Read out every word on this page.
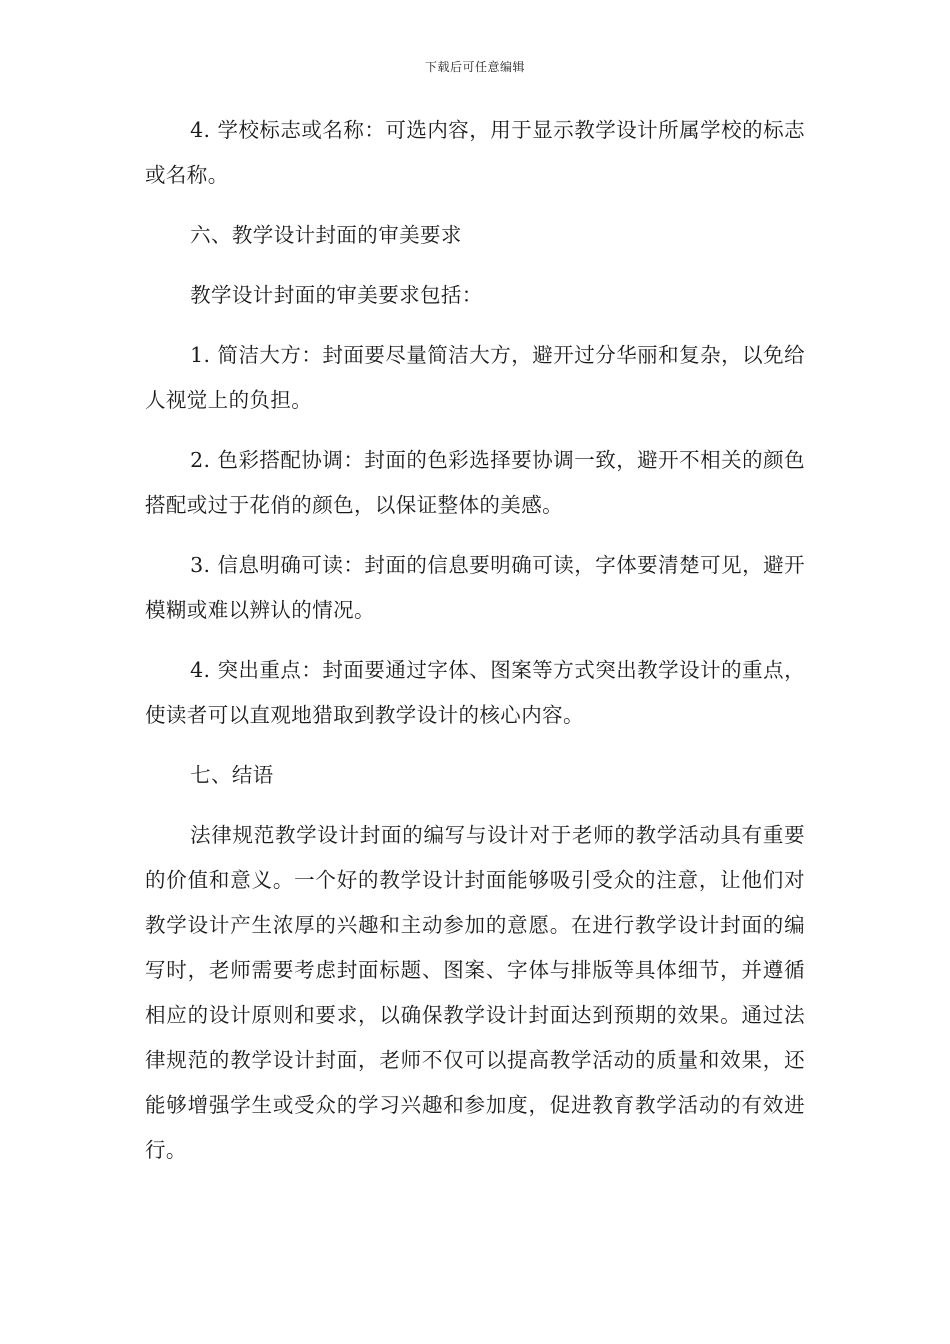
下载后可任意编辑

4. 学校标志或名称：可选内容，用于显示教学设计所属学校的标志或名称。

六、教学设计封面的审美要求

教学设计封面的审美要求包括：

1. 简洁大方：封面要尽量简洁大方，避开过分华丽和复杂，以免给人视觉上的负担。

2. 色彩搭配协调：封面的色彩选择要协调一致，避开不相关的颜色搭配或过于花俏的颜色，以保证整体的美感。

3. 信息明确可读：封面的信息要明确可读，字体要清楚可见，避开模糊或难以辨认的情况。

4. 突出重点：封面要通过字体、图案等方式突出教学设计的重点，使读者可以直观地猎取到教学设计的核心内容。

七、结语

法律规范教学设计封面的编写与设计对于老师的教学活动具有重要的价值和意义。一个好的教学设计封面能够吸引受众的注意，让他们对教学设计产生浓厚的兴趣和主动参加的意愿。在进行教学设计封面的编写时，老师需要考虑封面标题、图案、字体与排版等具体细节，并遵循相应的设计原则和要求，以确保教学设计封面达到预期的效果。通过法律规范的教学设计封面，老师不仅可以提高教学活动的质量和效果，还能够增强学生或受众的学习兴趣和参加度，促进教育教学活动的有效进行。
